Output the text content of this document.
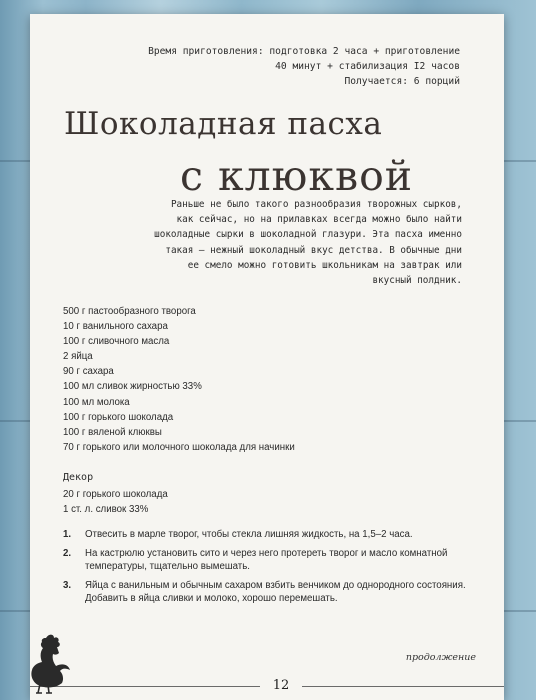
Время приготовления: подготовка 2 часа + приготовление
40 минут + стабилизация I2 часов
Получается: 6 порций
Шоколадная пасха
с клюквой
Раньше не было такого разнообразия творожных сырков,
как сейчас, но на прилавках всегда можно было найти
шоколадные сырки в шоколадной глазури. Эта пасха именно
такая — нежный шоколадный вкус детства. В обычные дни
ее смело можно готовить школьникам на завтрак или
вкусный полдник.
500 г пастообразного творога
10 г ванильного сахара
100 г сливочного масла
2 яйца
90 г сахара
100 мл сливок жирностью 33%
100 мл молока
100 г горького шоколада
100 г вяленой клюквы
70 г горького или молочного шоколада для начинки
Декор
20 г горького шоколада
1 ст. л. сливок 33%
1. Отвесить в марле творог, чтобы стекла лишняя жидкость, на 1,5–2 часа.
2. На кастрюлю установить сито и через него протереть творог и масло комнатной температуры, тщательно вымешать.
3. Яйца с ванильным и обычным сахаром взбить венчиком до однородного состояния. Добавить в яйца сливки и молоко, хорошо перемешать.
продолжение
12
